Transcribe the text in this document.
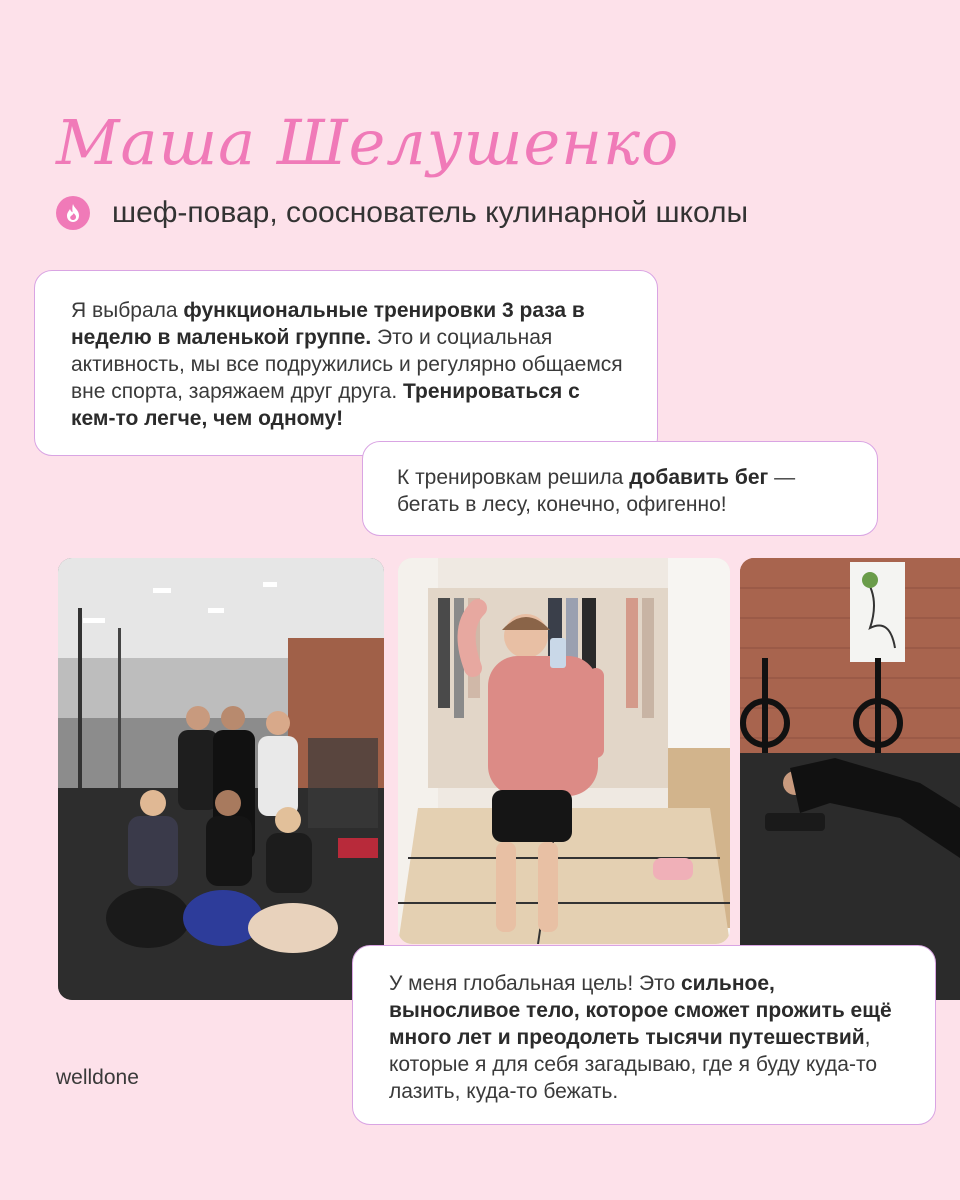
Маша Шелушенко
шеф-повар, сооснователь кулинарной школы
Я выбрала функциональные тренировки 3 раза в неделю в маленькой группе. Это и социальная активность, мы все подружились и регулярно общаемся вне спорта, заряжаем друг друга. Тренироваться с кем-то легче, чем одному!
К тренировкам решила добавить бег — бегать в лесу, конечно, офигенно!
У меня глобальная цель! Это сильное, выносливое тело, которое сможет прожить ещё много лет и преодолеть тысячи путешествий, которые я для себя загадываю, где я буду куда-то лазить, куда-то бежать.
welldone
